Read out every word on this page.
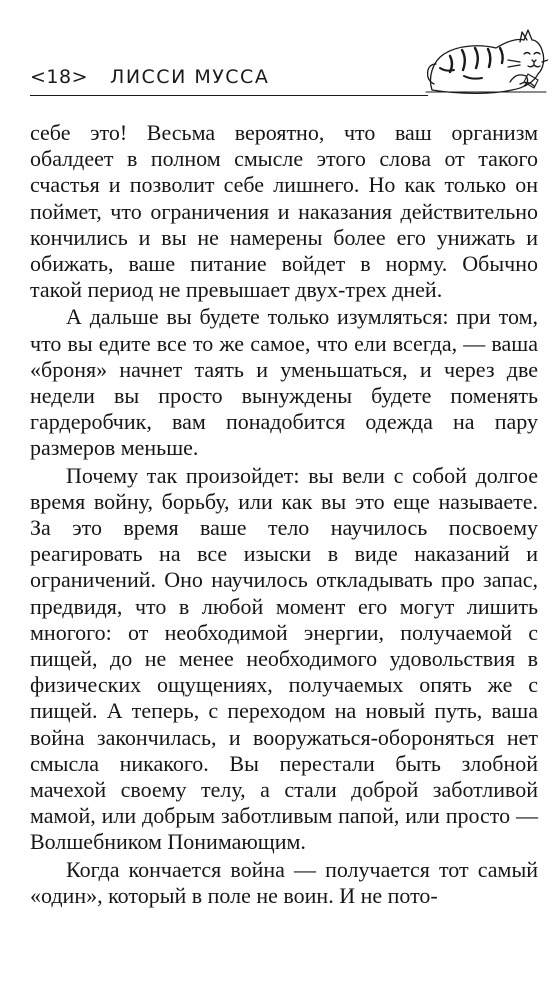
<18> ЛИССИ МУССА

себе это! Весьма вероятно, что ваш организм обалдеет в полном смысле этого слова от такого счастья и позволит себе лишнего. Но как только он поймет, что ограничения и наказания действительно кончились и вы не намерены более его унижать и обижать, ваше питание войдет в норму. Обычно такой период не превышает двух-трех дней.

А дальше вы будете только изумляться: при том, что вы едите все то же самое, что ели всегда, — ваша «броня» начнет таять и уменьшаться, и через две недели вы просто вынуждены будете поменять гардеробчик, вам понадобится одежда на пару размеров меньше.

Почему так произойдет: вы вели с собой долгое время войну, борьбу, или как вы это еще называете. За это время ваше тело научилось посвоему реагировать на все изыски в виде наказаний и ограничений. Оно научилось откладывать про запас, предвидя, что в любой момент его могут лишить многого: от необходимой энергии, получаемой с пищей, до не менее необходимого удовольствия в физических ощущениях, получаемых опять же с пищей. А теперь, с переходом на новый путь, ваша война закончилась, и вооружаться-обороняться нет смысла никакого. Вы перестали быть злобной мачехой своему телу, а стали доброй заботливой мамой, или добрым заботливым папой, или просто — Волшебником Понимающим.

Когда кончается война — получается тот самый «один», который в поле не воин. И не пото-
